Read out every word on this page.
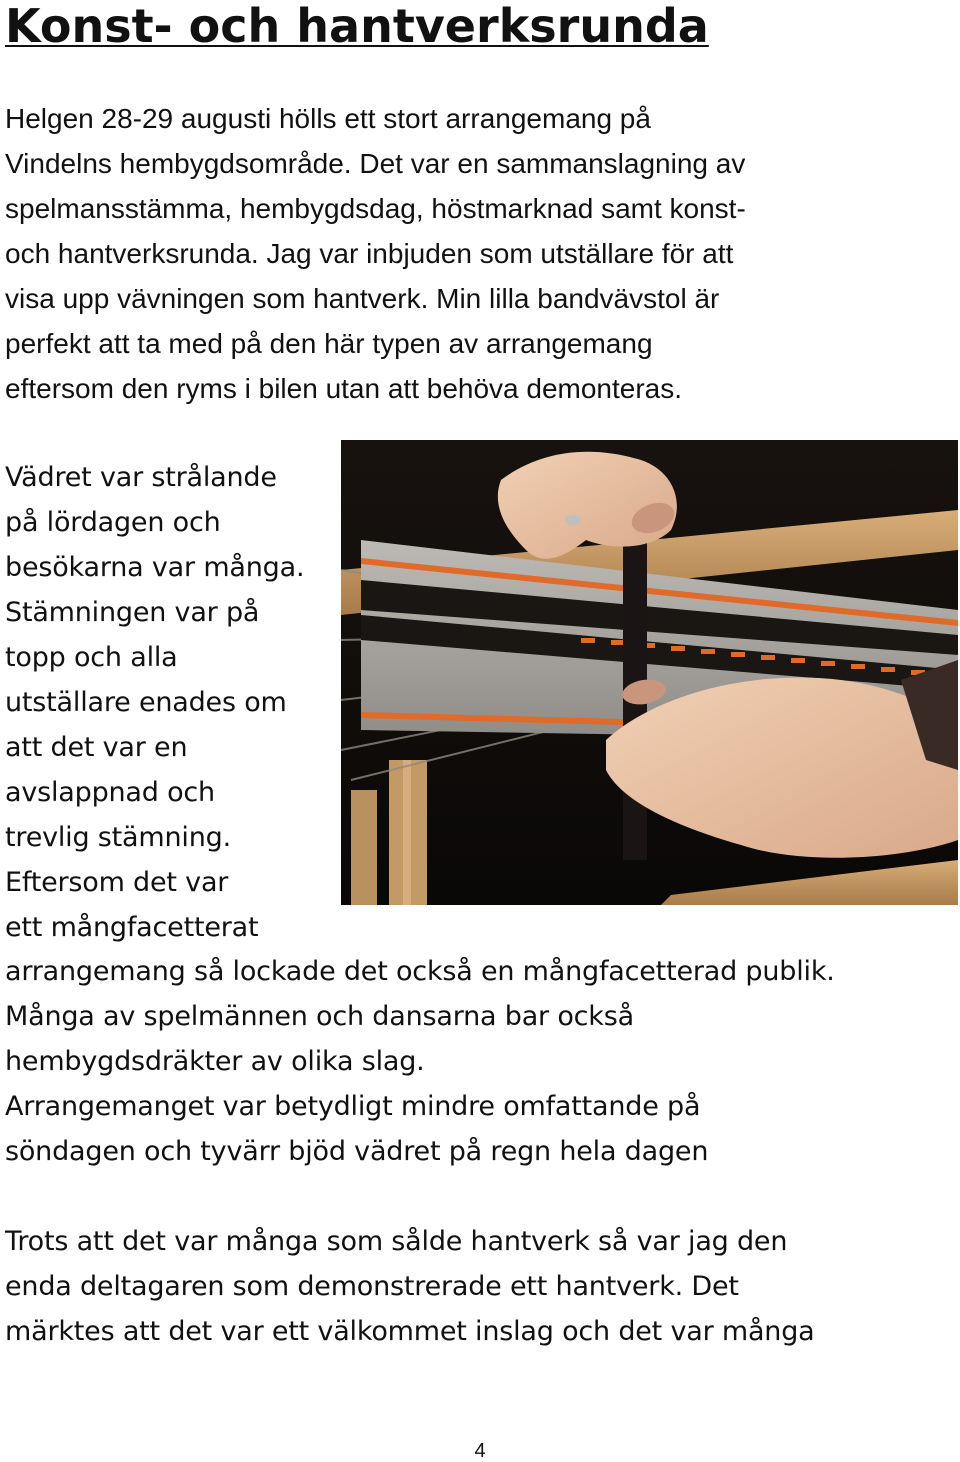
Konst- och hantverksrunda
Helgen 28-29 augusti hölls ett stort arrangemang på
Vindelns hembygdsområde. Det var en sammanslagning av
spelmansstämma, hembygdsdag, höstmarknad samt konst-
och hantverksrunda. Jag var inbjuden som utställare för att
visa upp vävningen som hantverk. Min lilla bandvävstol är
perfekt att ta med på den här typen av arrangemang
eftersom den ryms i bilen utan att behöva demonteras.
Vädret var strålande
på lördagen och
besökarna var många.
Stämningen var på
topp och alla
utställare enades om
att det var en
avslappnad och
trevlig stämning.
Eftersom det var
ett mångfacetterat
arrangemang så lockade det också en mångfacetterad publik.
Många av spelmännen och dansarna bar också
hembygdsdräkter av olika slag.
Arrangemanget var betydligt mindre omfattande på
söndagen och tyvärr bjöd vädret på regn hela dagen
Trots att det var många som sålde hantverk så var jag den
enda deltagaren som demonstrerade ett hantverk. Det
märktes att det var ett välkommet inslag och det var många
4
